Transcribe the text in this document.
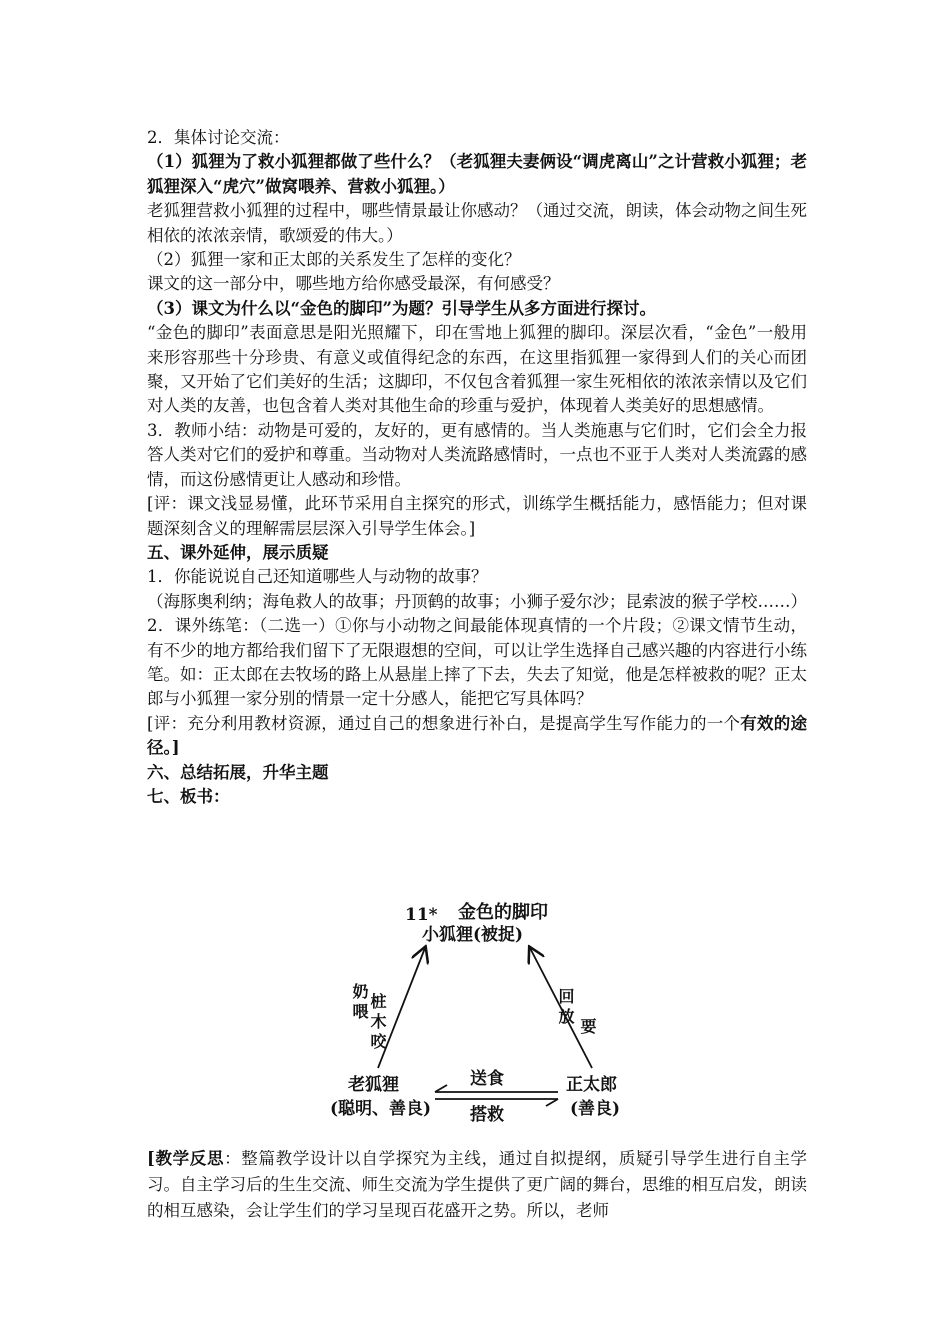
2．集体讨论交流：

（1）狐狸为了救小狐狸都做了些什么？（老狐狸夫妻俩设“调虎离山”之计营救小狐狸；老狐狸深入“虎穴”做窝喂养、营救小狐狸。）

老狐狸营救小狐狸的过程中，哪些情景最让你感动？（通过交流，朗读，体会动物之间生死相依的浓浓亲情，歌颂爱的伟大。）

（2）狐狸一家和正太郎的关系发生了怎样的变化？

课文的这一部分中，哪些地方给你感受最深，有何感受？

（3）课文为什么以“金色的脚印”为题？引导学生从多方面进行探讨。

“金色的脚印”表面意思是阳光照耀下，印在雪地上狐狸的脚印。深层次看，“金色”一般用来形容那些十分珍贵、有意义或值得纪念的东西，在这里指狐狸一家得到人们的关心而团聚，又开始了它们美好的生活；这脚印，不仅包含着狐狸一家生死相依的浓浓亲情以及它们对人类的友善，也包含着人类对其他生命的珍重与爱护，体现着人类美好的思想感情。

3．教师小结：动物是可爱的，友好的，更有感情的。当人类施惠与它们时，它们会全力报答人类对它们的爱护和尊重。当动物对人类流路感情时，一点也不亚于人类对人类流露的感情，而这份感情更让人感动和珍惜。

[评：课文浅显易懂，此环节采用自主探究的形式，训练学生概括能力，感悟能力；但对课题深刻含义的理解需层层深入引导学生体会。]

五、课外延伸，展示质疑

1．你能说说自己还知道哪些人与动物的故事？

（海豚奥利纳；海龟救人的故事；丹顶鹤的故事；小狮子爱尔沙；昆索波的猴子学校……）

2．课外练笔：（二选一）①你与小动物之间最能体现真情的一个片段；②课文情节生动，有不少的地方都给我们留下了无限遐想的空间，可以让学生选择自己感兴趣的内容进行小练笔。如：正太郎在去牧场的路上从悬崖上摔了下去，失去了知觉，他是怎样被救的呢？正太郎与小狐狸一家分别的情景一定十分感人，能把它写具体吗？

[评：充分利用教材资源，通过自己的想象进行补白，是提高学生写作能力的一个有效的途径。]

六、总结拓展，升华主题

七、板书：

11* 金色的脚印
小狐狸(被捉)
奶喂 桩木咬	回放 要
老狐狸
(聪明、善良)
正太郎
(善良)
送食
搭救

[教学反思：整篇教学设计以自学探究为主线，通过自拟提纲，质疑引导学生进行自主学习。自主学习后的生生交流、师生交流为学生提供了更广阔的舞台，思维的相互启发，朗读的相互感染，会让学生们的学习呈现百花盛开之势。所以，老师
